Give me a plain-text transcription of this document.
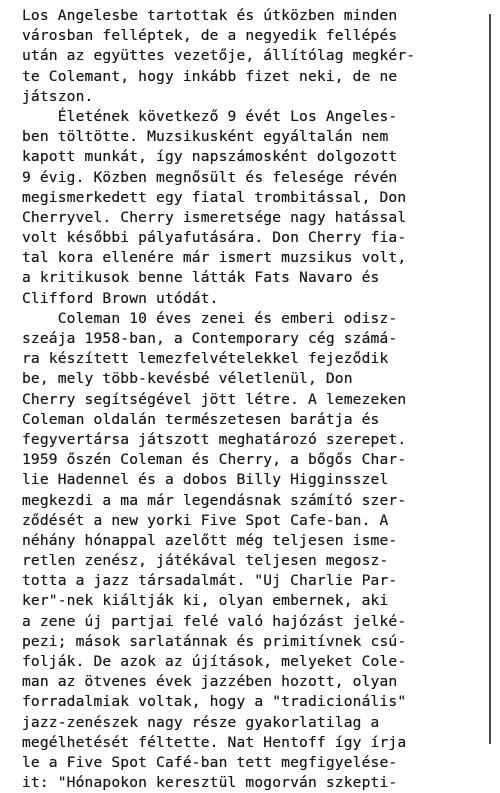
Los Angelesbe tartottak és útközben minden
városban felléptek, de a negyedik fellépés
után az együttes vezetője, állítólag megkér-
te Colemant, hogy inkább fizet neki, de ne
játszon.
Életének következő 9 évét Los Angeles-
ben töltötte. Muzsikusként egyáltalán nem
kapott munkát, így napszámosként dolgozott
9 évig. Közben megnősült és felesége révén
megismerkedett egy fiatal trombitással, Don
Cherryvel. Cherry ismeretsége nagy hatással
volt későbbi pályafutására. Don Cherry fia-
tal kora ellenére már ismert muzsikus volt,
a kritikusok benne látták Fats Navaro és
Clifford Brown utódát.
Coleman 10 éves zenei és emberi odisz-
szeája 1958-ban, a Contemporary cég számá-
ra készített lemezfelvételekkel fejeződik
be, mely több-kevésbé véletlenül, Don
Cherry segítségével jött létre. A lemezeken
Coleman oldalán természetesen barátja és
fegyvertársa játszott meghatározó szerepet.
1959 őszén Coleman és Cherry, a bőgős Char-
lie Hadennel és a dobos Billy Higginsszel
megkezdi a ma már legendásnak számító szer-
ződését a new yorki Five Spot Cafe-ban. A
néhány hónappal azelőtt még teljesen isme-
retlen zenész, játékával teljesen megosz-
totta a jazz társadalmát. "Uj Charlie Par-
ker"-nek kiáltják ki, olyan embernek, aki
a zene új partjai felé való hajózást jelké-
pezi; mások sarlatánnak és primitívnek csú-
folják. De azok az újítások, melyeket Cole-
man az ötvenes évek jazzében hozott, olyan
forradalmiak voltak, hogy a "tradicionális"
jazz-zenészek nagy része gyakorlatilag a
megélhetését féltette. Nat Hentoff így írja
le a Five Spot Café-ban tett megfigyelése-
it: "Hónapokon keresztül mogorván szkepti-
